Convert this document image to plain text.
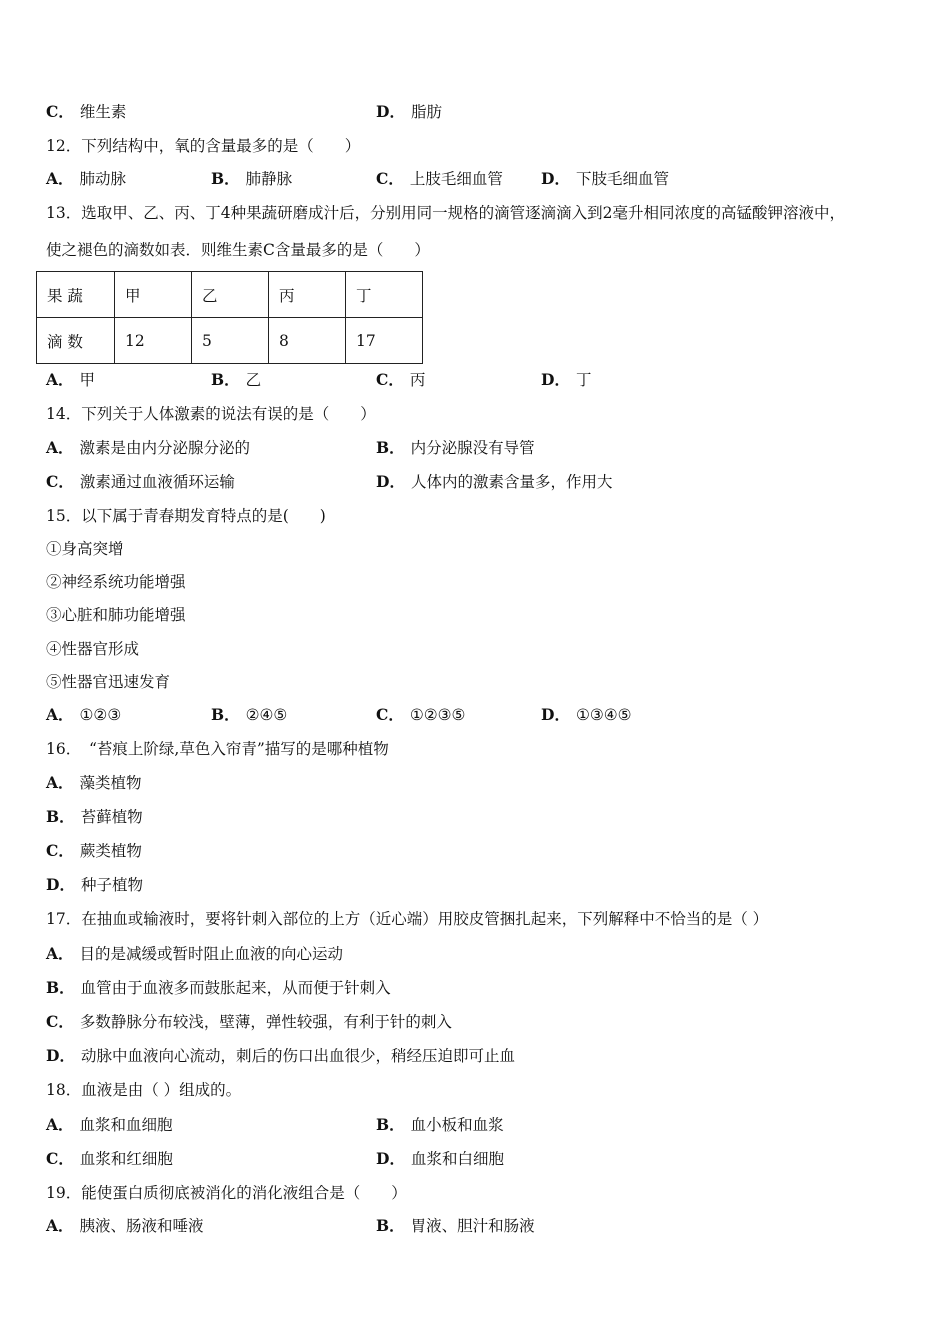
C． 维生素	D． 脂肪
12．下列结构中，氧的含量最多的是（　　）
A． 肺动脉	B． 肺静脉	C． 上肢毛细血管 D． 下肢毛细血管
13．选取甲、乙、丙、丁4种果蔬研磨成汁后，分别用同一规格的滴管逐滴滴入到2毫升相同浓度的高锰酸钾溶液中，
使之褪色的滴数如表．则维生素C含量最多的是（　　）
果 蔬	甲	乙	丙	丁
滴 数	12	5	8	17
A． 甲	B． 乙	C． 丙	D． 丁
14．下列关于人体激素的说法有误的是（　　）
A． 激素是由内分泌腺分泌的	B． 内分泌腺没有导管
C． 激素通过血液循环运输	D． 人体内的激素含量多，作用大
15．以下属于青春期发育特点的是(　　)
①身高突增
②神经系统功能增强
③心脏和肺功能增强
④性器官形成
⑤性器官迅速发育
A． ①②③	B． ②④⑤	C． ①②③⑤	D． ①③④⑤
16．　“苔痕上阶绿,草色入帘青”描写的是哪种植物
A． 藻类植物
B． 苔藓植物
C． 蕨类植物
D． 种子植物
17．在抽血或输液时，要将针刺入部位的上方（近心端）用胶皮管捆扎起来，下列解释中不恰当的是（ ）
A． 目的是减缓或暂时阻止血液的向心运动
B． 血管由于血液多而鼓胀起来，从而便于针刺入
C． 多数静脉分布较浅，壁薄，弹性较强，有利于针的刺入
D． 动脉中血液向心流动，刺后的伤口出血很少，稍经压迫即可止血
18．血液是由（ ）组成的。
A． 血浆和血细胞	B． 血小板和血浆
C． 血浆和红细胞	D． 血浆和白细胞
19．能使蛋白质彻底被消化的消化液组合是（　　）
A． 胰液、肠液和唾液	B． 胃液、胆汁和肠液
